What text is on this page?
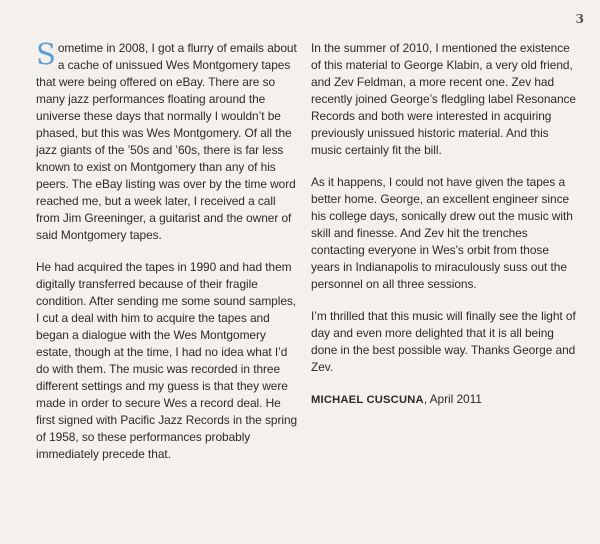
3

Sometime in 2008, I got a flurry of emails about a cache of unissued Wes Montgomery tapes that were being offered on eBay. There are so many jazz performances floating around the universe these days that normally I wouldn’t be phased, but this was Wes Montgomery. Of all the jazz giants of the ’50s and ’60s, there is far less known to exist on Montgomery than any of his peers. The eBay listing was over by the time word reached me, but a week later, I received a call from Jim Greeninger, a guitarist and the owner of said Montgomery tapes.

He had acquired the tapes in 1990 and had them digitally transferred because of their fragile condition. After sending me some sound samples, I cut a deal with him to acquire the tapes and began a dialogue with the Wes Montgomery estate, though at the time, I had no idea what I’d do with them. The music was recorded in three different settings and my guess is that they were made in order to secure Wes a record deal. He first signed with Pacific Jazz Records in the spring of 1958, so these performances probably immediately precede that.

In the summer of 2010, I mentioned the existence of this material to George Klabin, a very old friend, and Zev Feldman, a more recent one. Zev had recently joined George’s fledgling label Resonance Records and both were interested in acquiring previously unissued historic material. And this music certainly fit the bill.

As it happens, I could not have given the tapes a better home. George, an excellent engineer since his college days, sonically drew out the music with skill and finesse. And Zev hit the trenches contacting everyone in Wes’s orbit from those years in Indianapolis to miraculously suss out the personnel on all three sessions.

I’m thrilled that this music will finally see the light of day and even more delighted that it is all being done in the best possible way. Thanks George and Zev.

MICHAEL CUSCUNA, April 2011
